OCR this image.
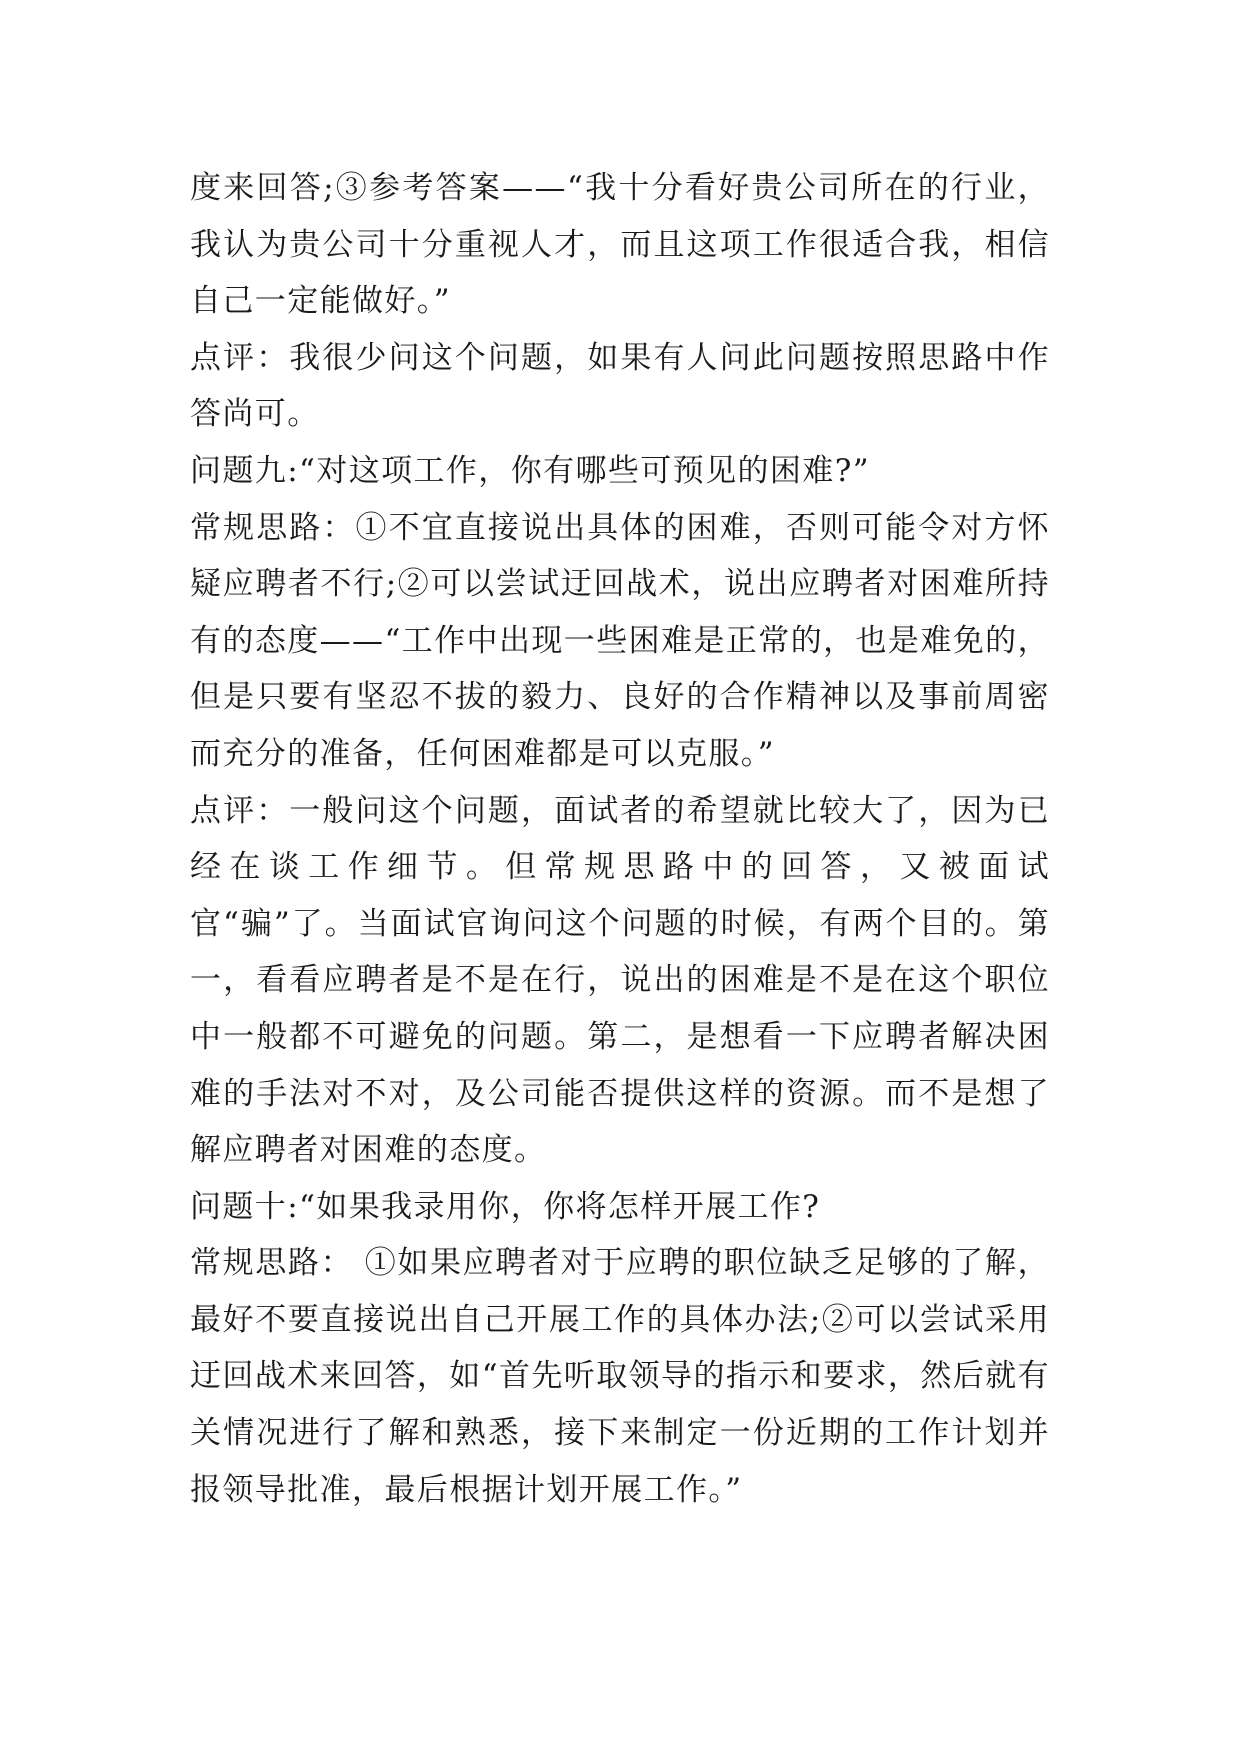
度来回答;③参考答案——“我十分看好贵公司所在的行业，我认为贵公司十分重视人才，而且这项工作很适合我，相信自己一定能做好。”

点评：我很少问这个问题，如果有人问此问题按照思路中作答尚可。

问题九:“对这项工作，你有哪些可预见的困难?”

常规思路：①不宜直接说出具体的困难，否则可能令对方怀疑应聘者不行;②可以尝试迂回战术，说出应聘者对困难所持有的态度——“工作中出现一些困难是正常的，也是难免的，但是只要有坚忍不拔的毅力、良好的合作精神以及事前周密而充分的准备，任何困难都是可以克服。”

点评：一般问这个问题，面试者的希望就比较大了，因为已经在谈工作细节。但常规思路中的回答，又被面试官“骗”了。当面试官询问这个问题的时候，有两个目的。第一，看看应聘者是不是在行，说出的困难是不是在这个职位中一般都不可避免的问题。第二，是想看一下应聘者解决困难的手法对不对，及公司能否提供这样的资源。而不是想了解应聘者对困难的态度。

问题十:“如果我录用你，你将怎样开展工作?

常规思路： ①如果应聘者对于应聘的职位缺乏足够的了解，最好不要直接说出自己开展工作的具体办法;②可以尝试采用迂回战术来回答，如“首先听取领导的指示和要求，然后就有关情况进行了解和熟悉，接下来制定一份近期的工作计划并报领导批准，最后根据计划开展工作。”
